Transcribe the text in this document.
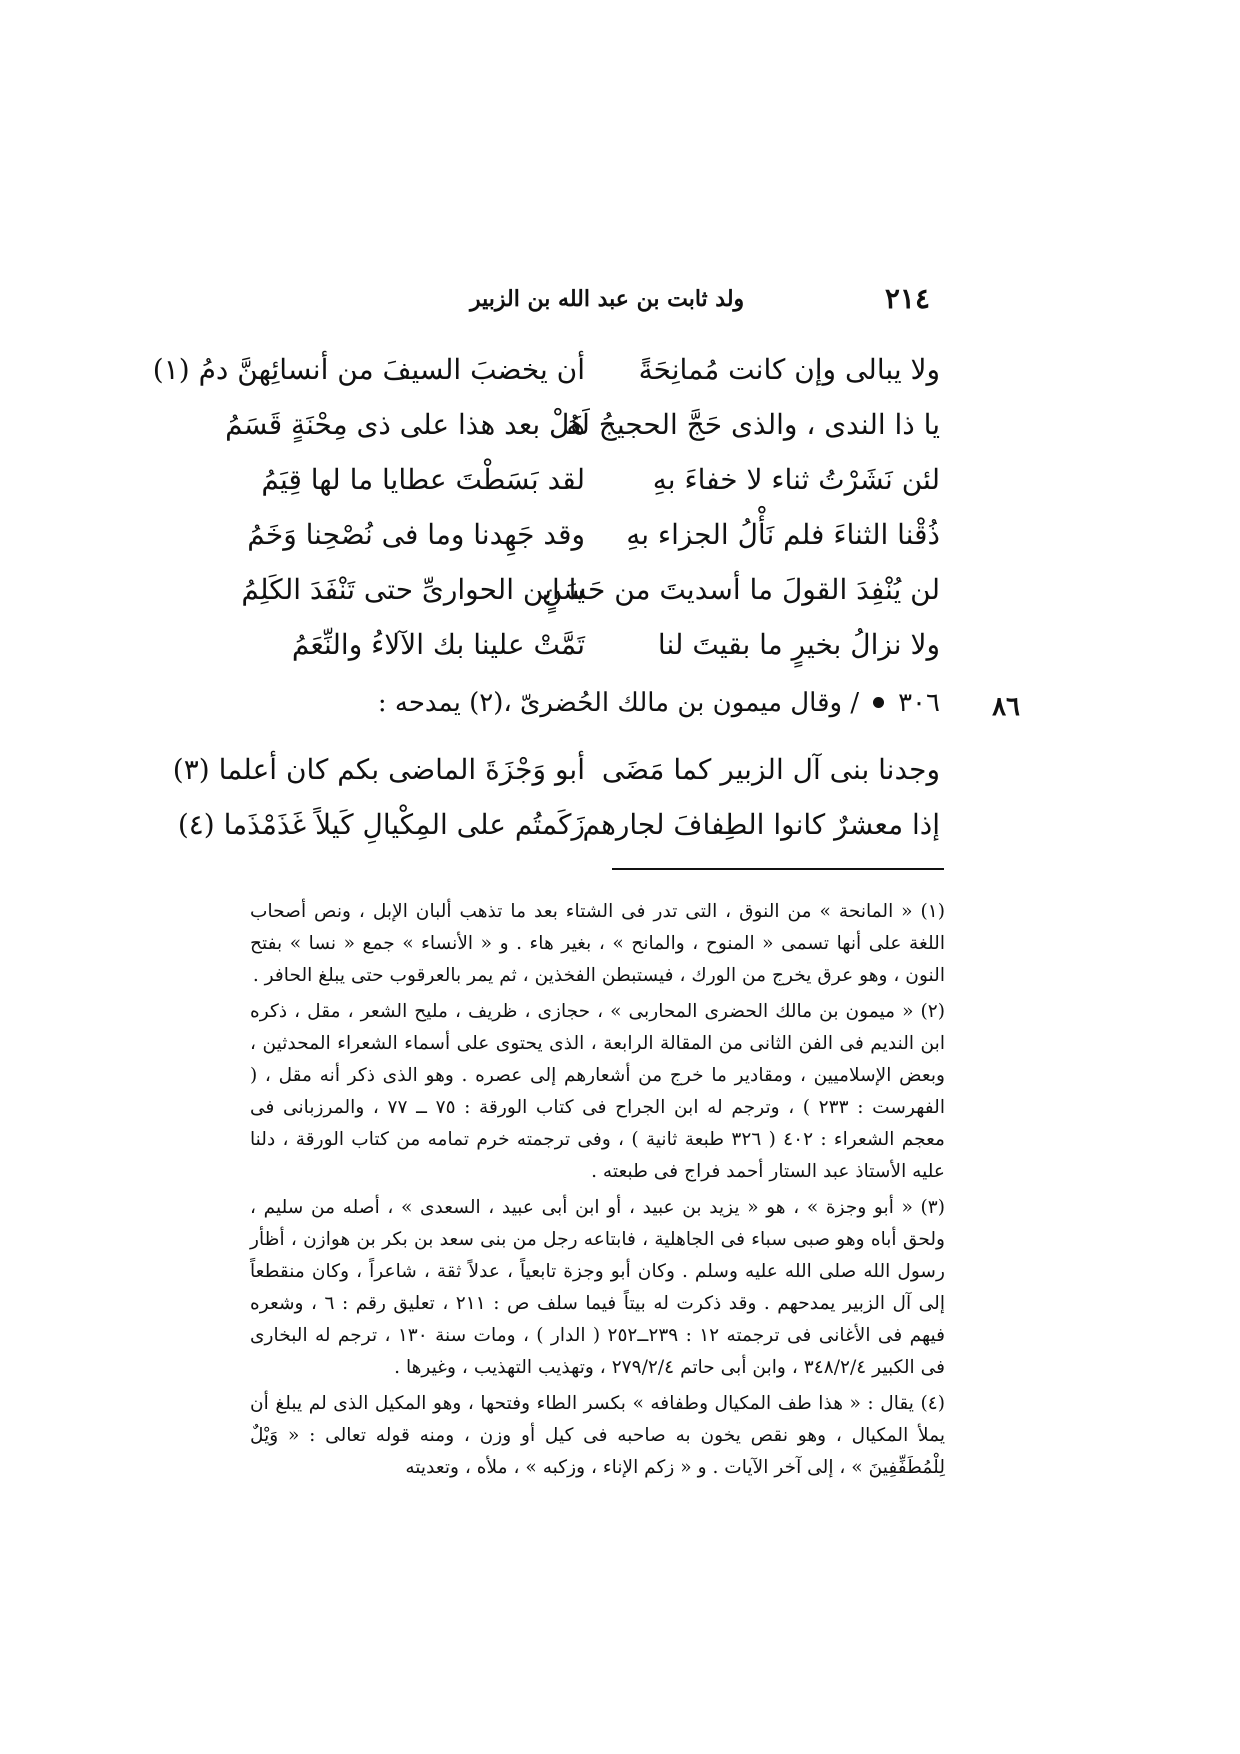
٢١٤
ولد ثابت بن عبد الله بن الزبير
ولا يبالى وإن كانت مُمانِحَةً
أن يخضبَ السيفَ من أنسائِهنَّ دمُ (١)
يا ذا الندى ، والذى حَجَّ الحجيجُ لَهُ
هَلْ بعد هذا على ذى مِحْنَةٍ قَسَمُ
لئن نَشَرْتُ ثناء لا خفاءَ بهِ
لقد بَسَطْتَ عطايا ما لها قِيَمُ
ذُقْنا الثناءَ فلم نَأْلُ الجزاء بهِ
وقد جَهِدنا وما فى نُصْحِنا وَخَمُ
لن يُنْفِدَ القولَ ما أسديتَ من حَسَنٍ
يا ابن الحوارىِّ حتى تَنْفَدَ الكَلِمُ
ولا نزالُ بخيرٍ ما بقيتَ لنا
تَمَّتْ علينا بك الآلاءُ والنِّعَمُ
٨٦
٣٠٦/ وقال ميمون بن مالك الحُضرىّ ،(٢) يمدحه :
وجدنا بنى آل الزبير كما مَضَى
أبو وَجْزَةَ الماضى بكم كان أعلما (٣)
إذا معشرٌ كانوا الطِفافَ لجارهم
زَكَمتُم على المِكْيالِ كَيلاً غَذَمْذَما (٤)

(١) « المانحة » من النوق ، التى تدر فى الشتاء بعد ما تذهب ألبان الإبل ، ونص أصحاب اللغة على أنها تسمى « المنوح ، والمانح » ، بغير هاء . و « الأنساء » جمع « نسا » بفتح النون ، وهو عرق يخرج من الورك ، فيستبطن الفخذين ، ثم يمر بالعرقوب حتى يبلغ الحافر .

(٢) « ميمون بن مالك الحضرى المحاربى » ، حجازى ، ظريف ، مليح الشعر ، مقل ، ذكره ابن النديم فى الفن الثانى من المقالة الرابعة ، الذى يحتوى على أسماء الشعراء المحدثين ، وبعض الإسلاميين ، ومقادير ما خرج من أشعارهم إلى عصره . وهو الذى ذكر أنه مقل ، ( الفهرست : ٢٣٣ ) ، وترجم له ابن الجراح فى كتاب الورقة : ٧٥ ــ ٧٧ ، والمرزبانى فى معجم الشعراء : ٤٠٢ ( ٣٢٦ طبعة ثانية ) ، وفى ترجمته خرم تمامه من كتاب الورقة ، دلنا عليه الأستاذ عبد الستار أحمد فراج فى طبعته .

(٣) « أبو وجزة » ، هو « يزيد بن عبيد ، أو ابن أبى عبيد ، السعدى » ، أصله من سليم ، ولحق أباه وهو صبى سباء فى الجاهلية ، فابتاعه رجل من بنى سعد بن بكر بن هوازن ، أظأر رسول الله صلى الله عليه وسلم . وكان أبو وجزة تابعياً ، عدلاً ثقة ، شاعراً ، وكان منقطعاً إلى آل الزبير يمدحهم . وقد ذكرت له بيتاً فيما سلف ص : ٢١١ ، تعليق رقم : ٦ ، وشعره فيهم فى الأغانى فى ترجمته ١٢ : ٢٣٩ــ٢٥٢ ( الدار ) ، ومات سنة ١٣٠ ، ترجم له البخارى فى الكبير ٣٤٨/٢/٤ ، وابن أبى حاتم ٢٧٩/٢/٤ ، وتهذيب التهذيب ، وغيرها .

(٤) يقال : « هذا طف المكيال وطفافه » بكسر الطاء وفتحها ، وهو المكيل الذى لم يبلغ أن يملأ المكيال ، وهو نقص يخون به صاحبه فى كيل أو وزن ، ومنه قوله تعالى : « وَيْلٌ لِلْمُطَفِّفِينَ » ، إلى آخر الآيات . و « زكم الإناء ، وزكبه » ، ملأه ، وتعديته
